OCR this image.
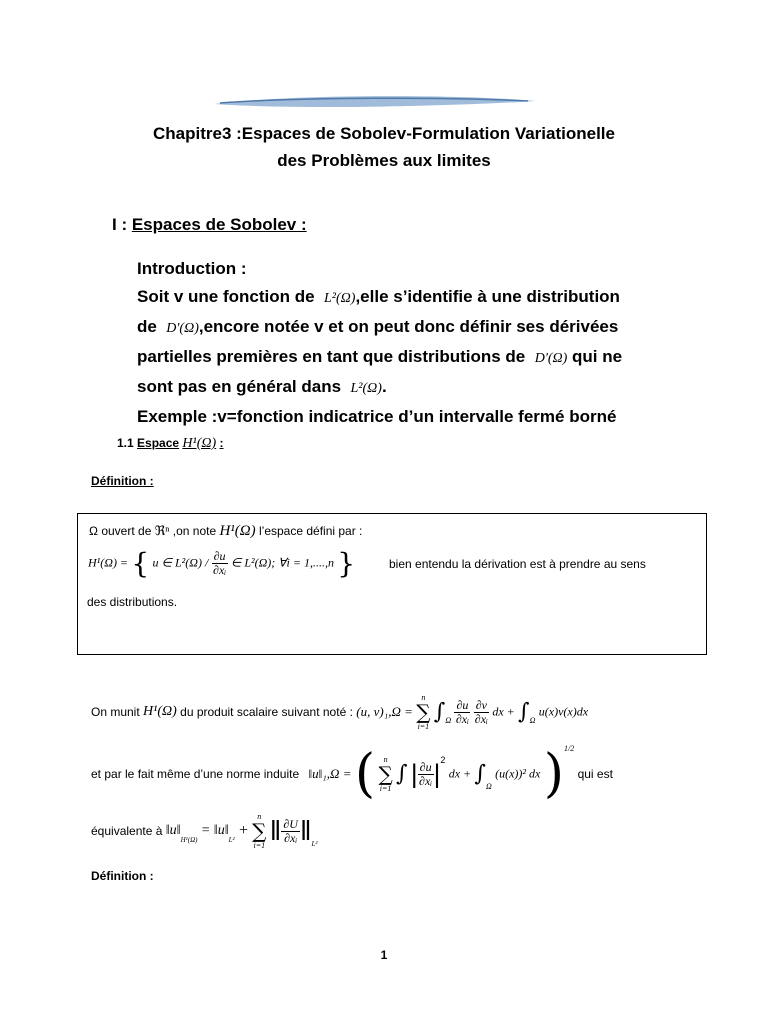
Chapitre3 :Espaces de Sobolev-Formulation Variationelle
des Problèmes aux limites
I : Espaces de Sobolev :
Introduction :
Soit v une fonction de L²(Ω),elle s’identifie à une distribution
de D'(Ω),encore notée v et on peut donc définir ses dérivées
partielles premières en tant que distributions de D'(Ω) qui ne
sont pas en général dans L²(Ω).
Exemple :v=fonction indicatrice d’un intervalle fermé borné
1.1 Espace H¹(Ω) :
Définition :
Ω ouvert de ℜⁿ ,on note H¹(Ω) l’espace défini par :
H¹(Ω) = { u ∈ $L^2(\Omega) / \frac{\partial u}{\text{∂xᵢ}}$ ∈ L²(Ω); ∀i = 1,....,n }	bien entendu la dérivation est à prendre au sens
des distributions.
On munit H¹(Ω) du produit scalaire suivant noté : (u, v)₁,Ω =
n
∑
i=1
$\int_\Omega \frac{\partial u}{\text{∂xᵢ}}$
$\frac{\partial v}{\text{∂xᵢ}}$ dx + $\int_\Omega$ u(x)v(x)dx
et par le fait même d’une norme induite ‖u‖₁,Ω = ( n
∑
i=1
∫ | $\frac{\partial u}{\text{∂xᵢ}} |^2$ dx + $\int_\Omega$ (u(x))² dx )$^{1/2}$ qui est
équivalente à $‖u‖_{H^1(\Omega)}$ = $‖u‖_{L^2}$ +
n
∑
i=1 ‖ $\frac{\partial U}{\text{∂xᵢ}}$ $‖_{L^2}$
Définition :
1
